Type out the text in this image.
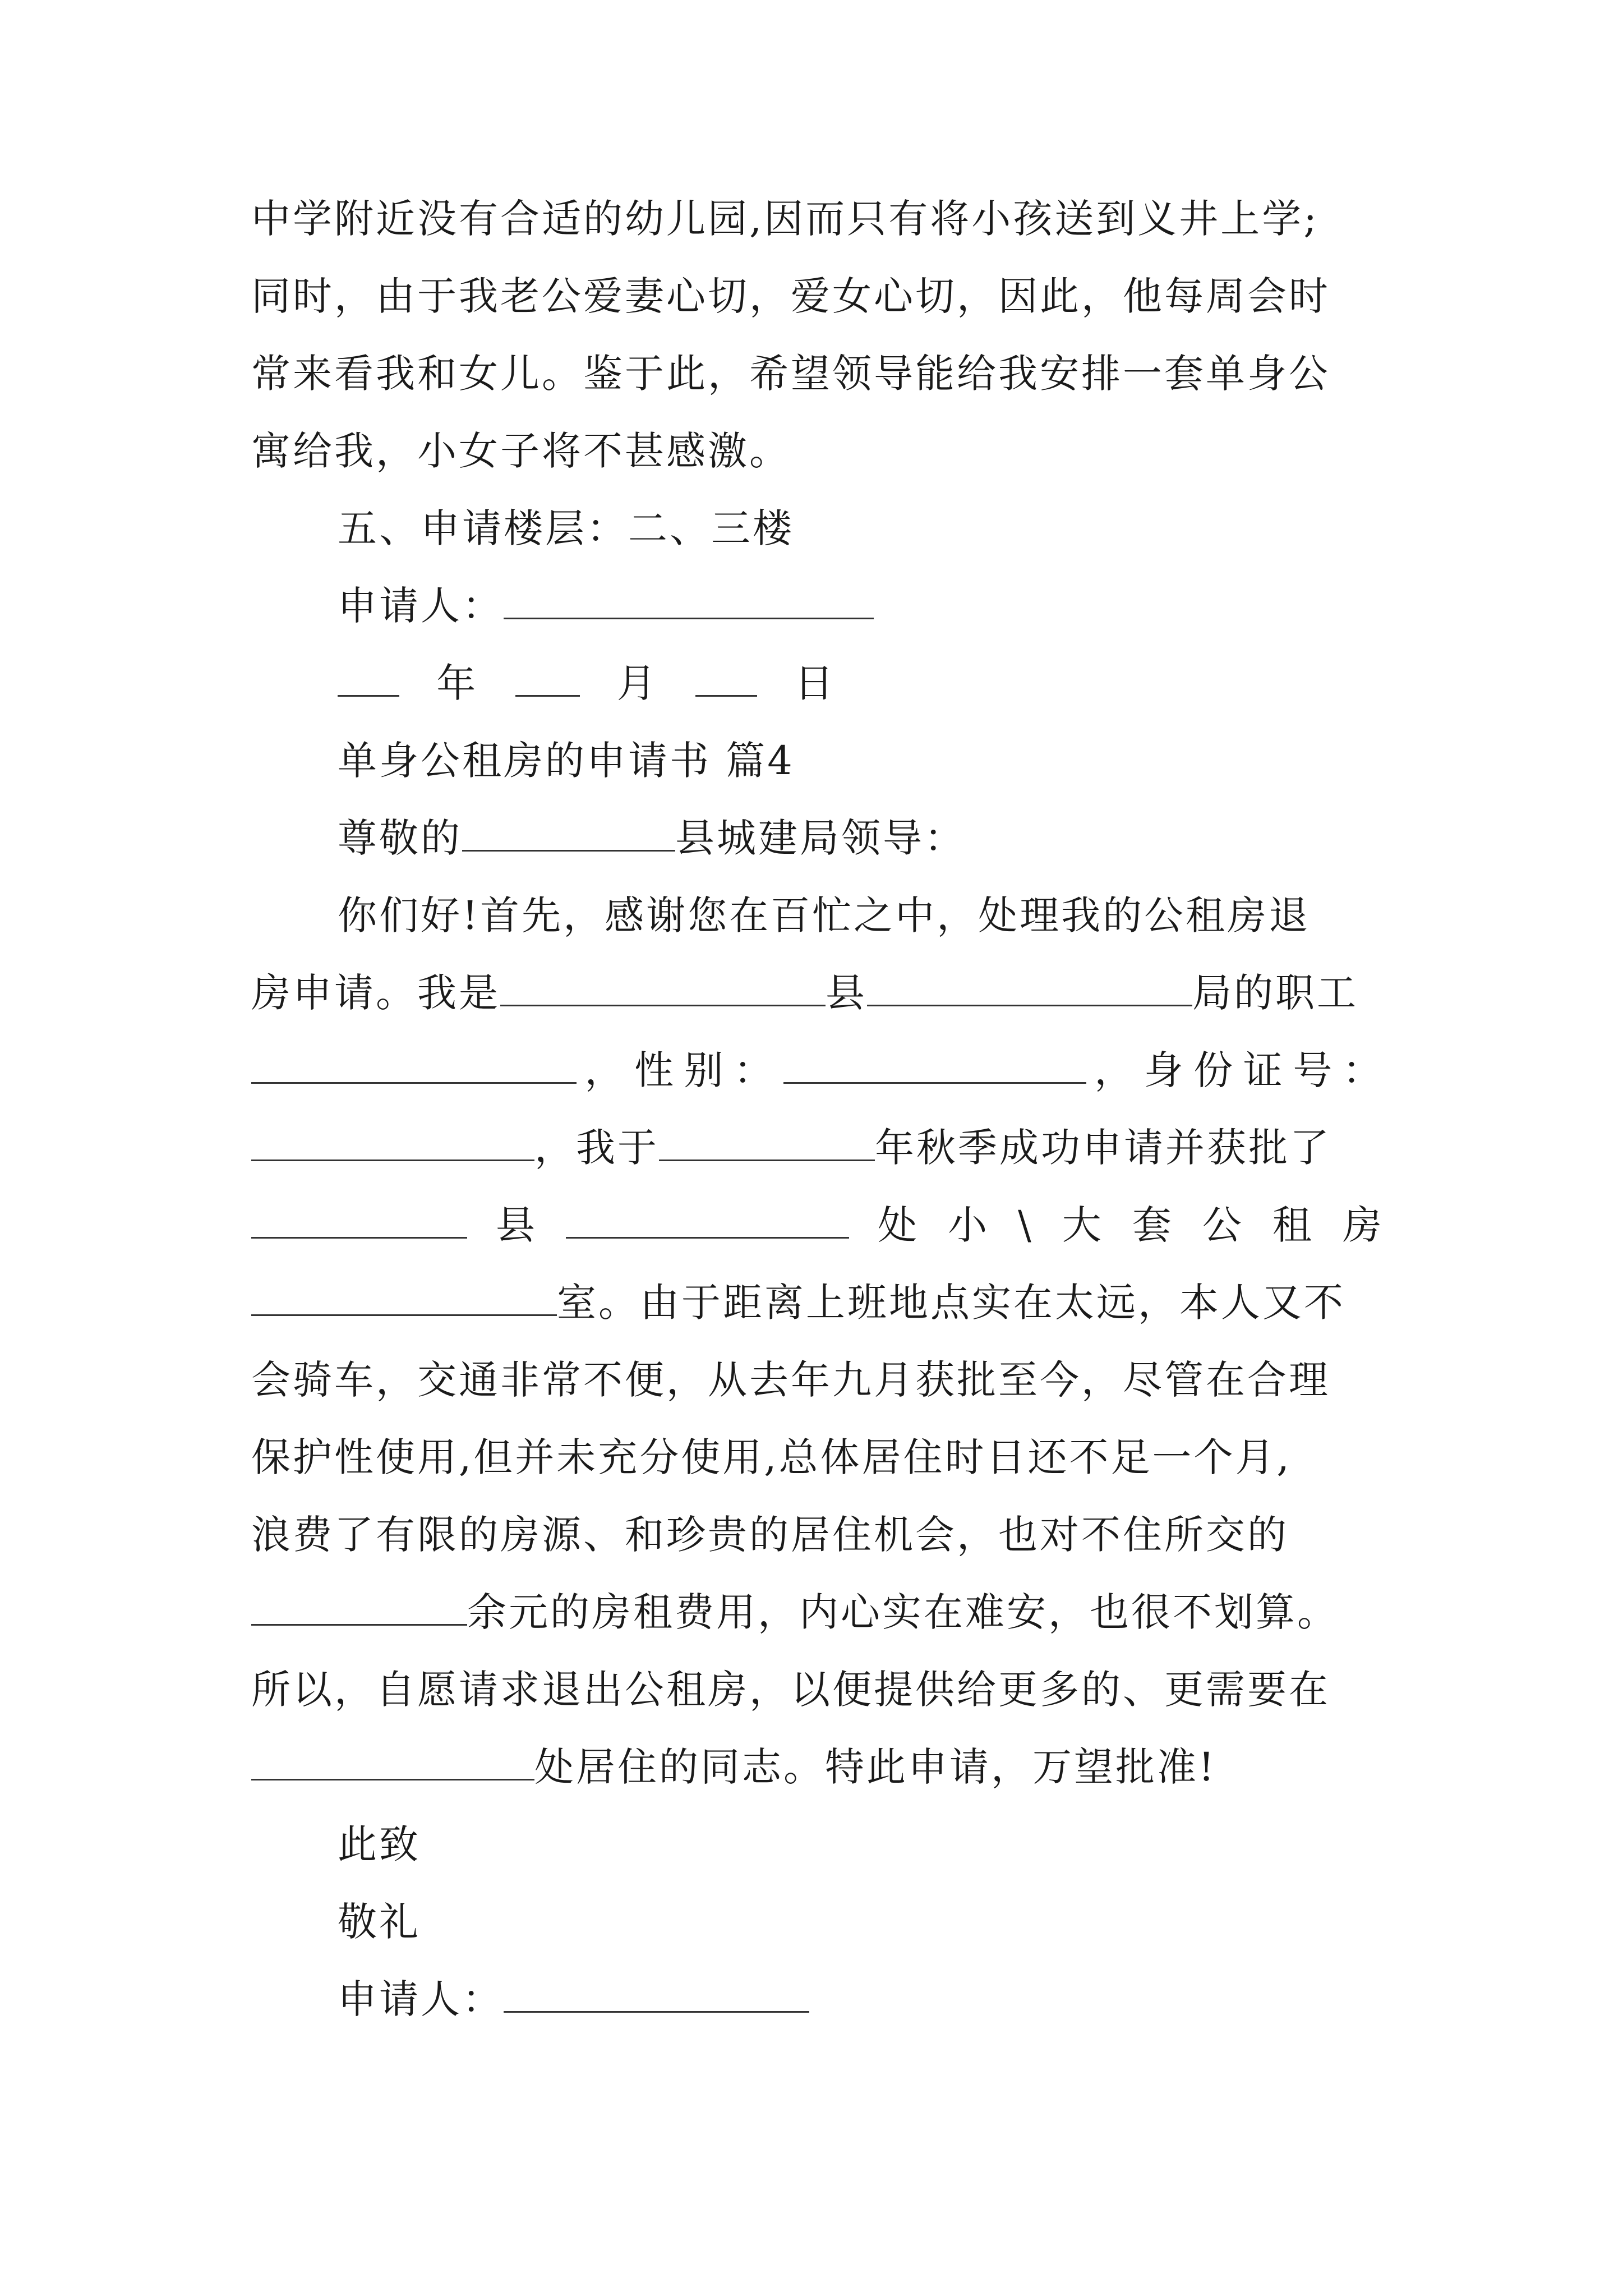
中学附近没有合适的幼儿园,因而只有将小孩送到义井上学;
同时，由于我老公爱妻心切，爱女心切，因此，他每周会时
常来看我和女儿。鉴于此，希望领导能给我安排一套单身公
寓给我，小女子将不甚感激。
五、申请楼层：二、三楼
申请人：
年	月	日
单身公租房的申请书 篇4
尊敬的	县城建局领导：
你们好!首先，感谢您在百忙之中，处理我的公租房退
房申请。我是	县	局的职工
， 性 别 ：	， 身 份 证 号 ：
，我于	年秋季成功申请并获批了
县	处 小 \ 大 套 公 租 房
室。由于距离上班地点实在太远，本人又不
会骑车，交通非常不便，从去年九月获批至今，尽管在合理
保护性使用,但并未充分使用,总体居住时日还不足一个月,
浪费了有限的房源、和珍贵的居住机会，也对不住所交的
余元的房租费用，内心实在难安，也很不划算。
所以，自愿请求退出公租房，以便提供给更多的、更需要在
处居住的同志。特此申请，万望批准!
此致
敬礼
申请人：
